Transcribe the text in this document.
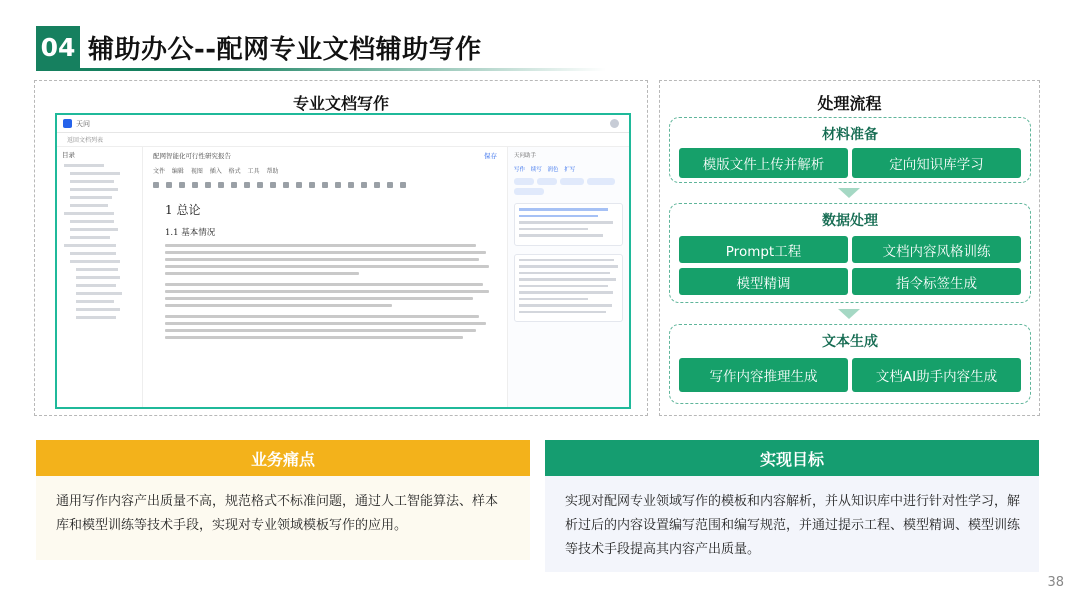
04 辅助办公--配网专业文档辅助写作
专业文档写作
天问
返回文档列表
目录	配网智能化可行性研究报告	保存
文件 编辑 视图 插入 格式 工具 帮助
1 总论
1.1 基本情况
天问助手
写作 续写 润色 扩写
处理流程
材料准备
模版文件上传并解析	定向知识库学习
数据处理
Prompt工程	文档内容风格训练
模型精调	指令标签生成
文本生成
写作内容推理生成	文档AI助手内容生成
业务痛点
通用写作内容产出质量不高，规范格式不标准问题，通过人工智能算法、样本库和模型训练等技术手段，实现对专业领域模板写作的应用。
实现目标
实现对配网专业领域写作的模板和内容解析，并从知识库中进行针对性学习，解析过后的内容设置编写范围和编写规范，并通过提示工程、模型精调、模型训练等技术手段提高其内容产出质量。
38
